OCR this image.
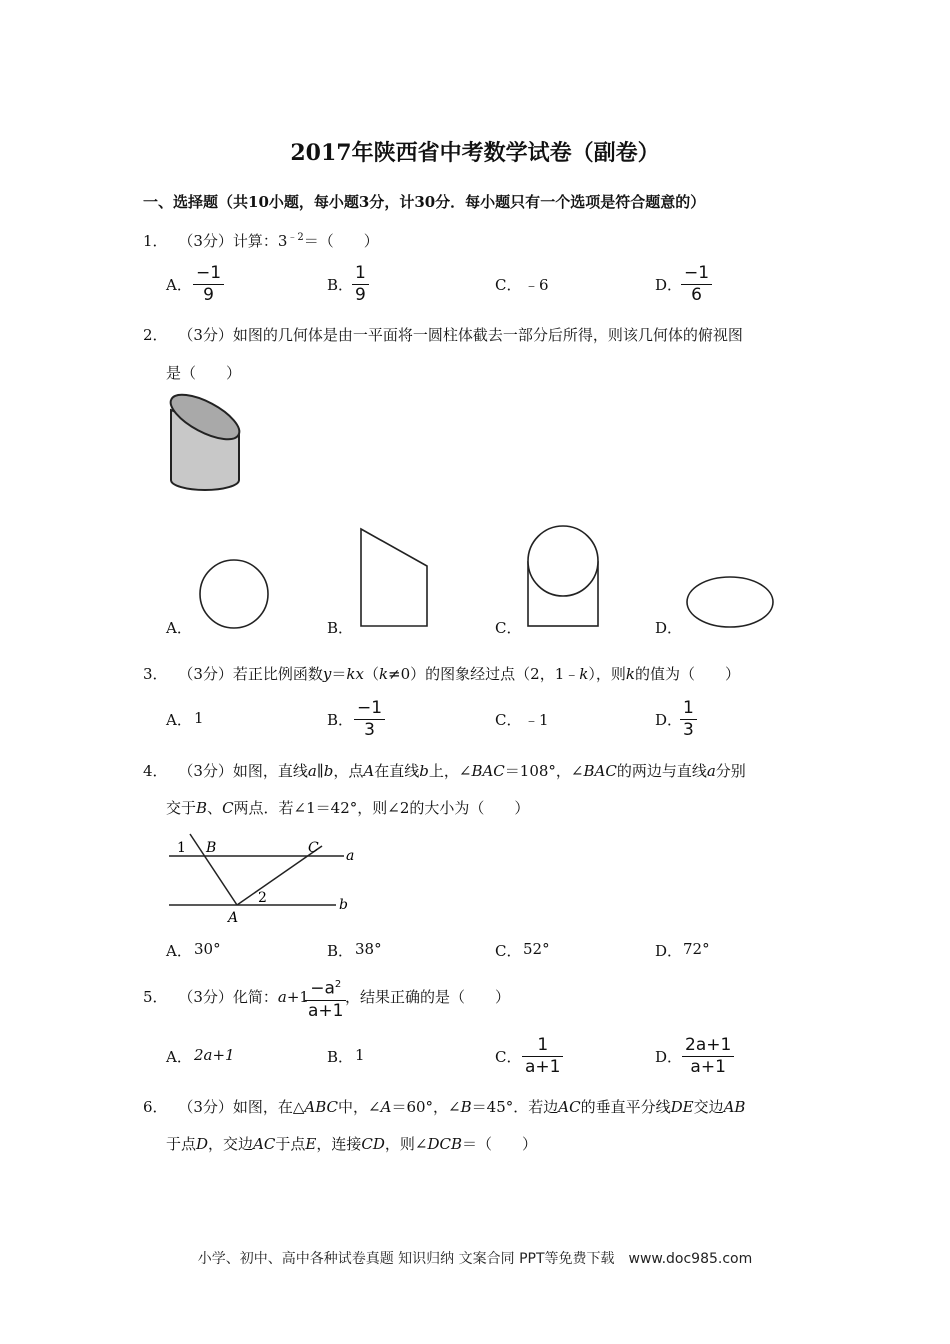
2017年陕西省中考数学试卷（副卷）
一、选择题（共10小题，每小题3分，计30分．每小题只有一个选项是符合题意的）
1． （3分）计算：$3^{﹣2}=$（　　）
A． $\frac{-1}{9}$	B．
$\frac{1}{9}$	C． ﹣6	D．
$\frac{-1}{6}$
2． （3分）如图的几何体是由一平面将一圆柱体截去一部分后所得，则该几何体的俯视图
是（　　）
A．	B．	C．	D．
3． （3分）若正比例函数y＝kx（k≠0）的图象经过点（2，1﹣k），则k的值为（　　）
A． 1	B． $\frac{-1}{3}$	C． ﹣1	D．
$\frac{1}{3}$
4． （3分）如图，直线a∥b，点A在直线b上，∠BAC＝108°，∠BAC的两边与直线a分别
交于B、C两点．若∠1＝42°，则∠2的大小为（　　）
1 B	C a
A
2	b
A． 30°	B． 38°	C． 52°	D． 72°
5． （3分）化简：a+1
$\frac{-a^2}{a+1}$
，结果正确的是（　　）
A． 2a+1	B． 1	C． $\frac{1}{a+1}$	D． $\frac{2a+1}{a+1}$
6． （3分）如图，在△ABC中，∠A＝60°，∠B＝45°．若边AC的垂直平分线DE交边AB
于点D，交边AC于点E，连接CD，则∠DCB＝（　　）
小学、初中、高中各种试卷真题 知识归纳 文案合同 PPT等免费下载　www.doc985.com
